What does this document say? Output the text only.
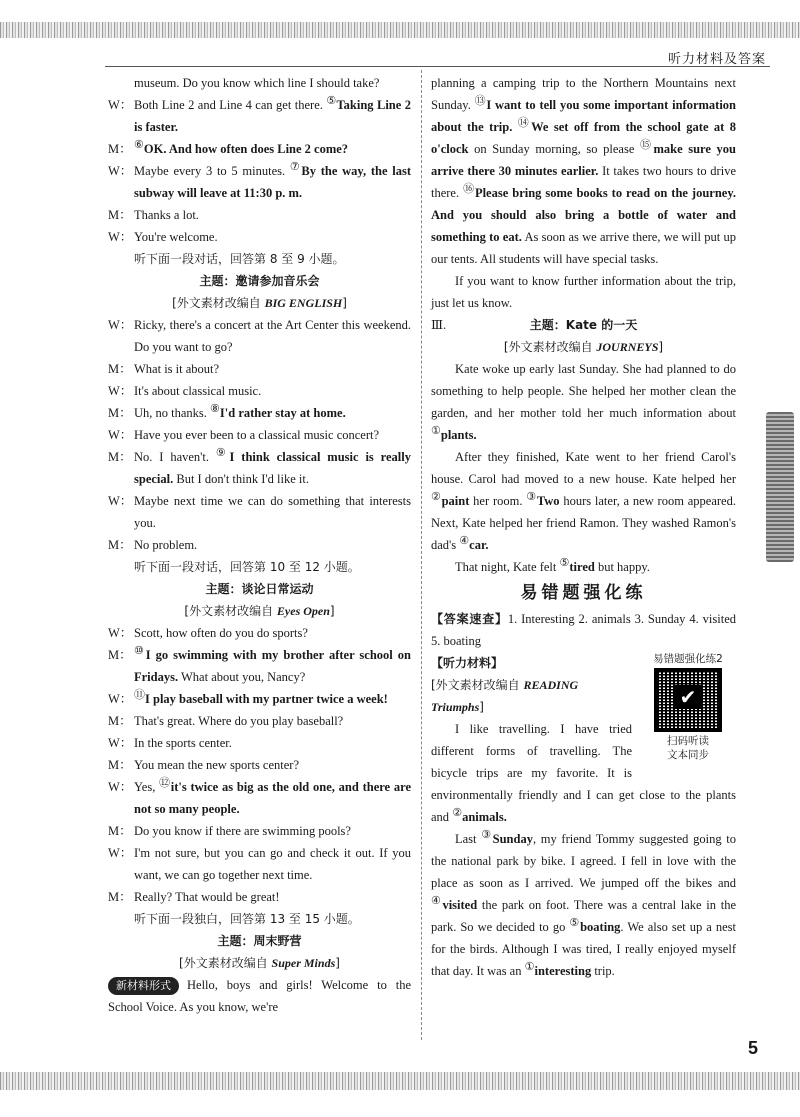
听力材料及答案

museum. Do you know which line I should take?

W： Both Line 2 and Line 4 can get there. ⑤Taking Line 2 is faster.

M： ⑥OK. And how often does Line 2 come?

W： Maybe every 3 to 5 minutes. ⑦By the way, the last subway will leave at 11:30 p. m.

M： Thanks a lot.

W： You're welcome.

听下面一段对话，回答第 8 至 9 小题。

主题：邀请参加音乐会

[外文素材改编自 BIG ENGLISH]

W： Ricky, there's a concert at the Art Center this weekend. Do you want to go?

M： What is it about?

W： It's about classical music.

M： Uh, no thanks. ⑧I'd rather stay at home.

W： Have you ever been to a classical music concert?

M： No. I haven't. ⑨I think classical music is really special. But I don't think I'd like it.

W： Maybe next time we can do something that interests you.

M： No problem.

听下面一段对话，回答第 10 至 12 小题。

主题：谈论日常运动

[外文素材改编自 Eyes Open]

W： Scott, how often do you do sports?

M： ⑩I go swimming with my brother after school on Fridays. What about you, Nancy?

W： ⑪I play baseball with my partner twice a week!

M： That's great. Where do you play baseball?

W： In the sports center.

M： You mean the new sports center?

W： Yes, ⑫it's twice as big as the old one, and there are not so many people.

M： Do you know if there are swimming pools?

W： I'm not sure, but you can go and check it out. If you want, we can go together next time.

M： Really? That would be great!

听下面一段独白，回答第 13 至 15 小题。

主题：周末野营

[外文素材改编自 Super Minds]

新材料形式 Hello, boys and girls! Welcome to the School Voice. As you know, we're

planning a camping trip to the Northern Mountains next Sunday. ⑬I want to tell you some important information about the trip. ⑭We set off from the school gate at 8 o'clock on Sunday morning, so please ⑮make sure you arrive there 30 minutes earlier. It takes two hours to drive there. ⑯Please bring some books to read on the journey. And you should also bring a bottle of water and something to eat. As soon as we arrive there, we will put up our tents. All students will have special tasks.

If you want to know further information about the trip, just let us know.

Ⅲ.	主题：Kate 的一天

[外文素材改编自 JOURNEYS]

Kate woke up early last Sunday. She had planned to do something to help people. She helped her mother clean the garden, and her mother told her much information about ①plants.

After they finished, Kate went to her friend Carol's house. Carol had moved to a new house. Kate helped her ②paint her room. ③Two hours later, a new room appeared. Next, Kate helped her friend Ramon. They washed Ramon's dad's ④car.

That night, Kate felt ⑤tired but happy.

易错题强化练

【答案速查】1. Interesting 2. animals 3. Sunday 4. visited 5. boating

易错题强化练2
✔
扫码听读
文本同步

【听力材料】

[外文素材改编自 READING Triumphs]

I like travelling. I have tried different forms of travelling. The bicycle trips are my favorite. It is environmentally friendly and I can get close to the plants and ②animals.

Last ③Sunday, my friend Tommy suggested going to the national park by bike. I agreed. I fell in love with the place as soon as I arrived. We jumped off the bikes and ④visited the park on foot. There was a central lake in the park. So we decided to go ⑤boating. We also set up a nest for the birds. Although I was tired, I really enjoyed myself that day. It was an ①interesting trip.

5
